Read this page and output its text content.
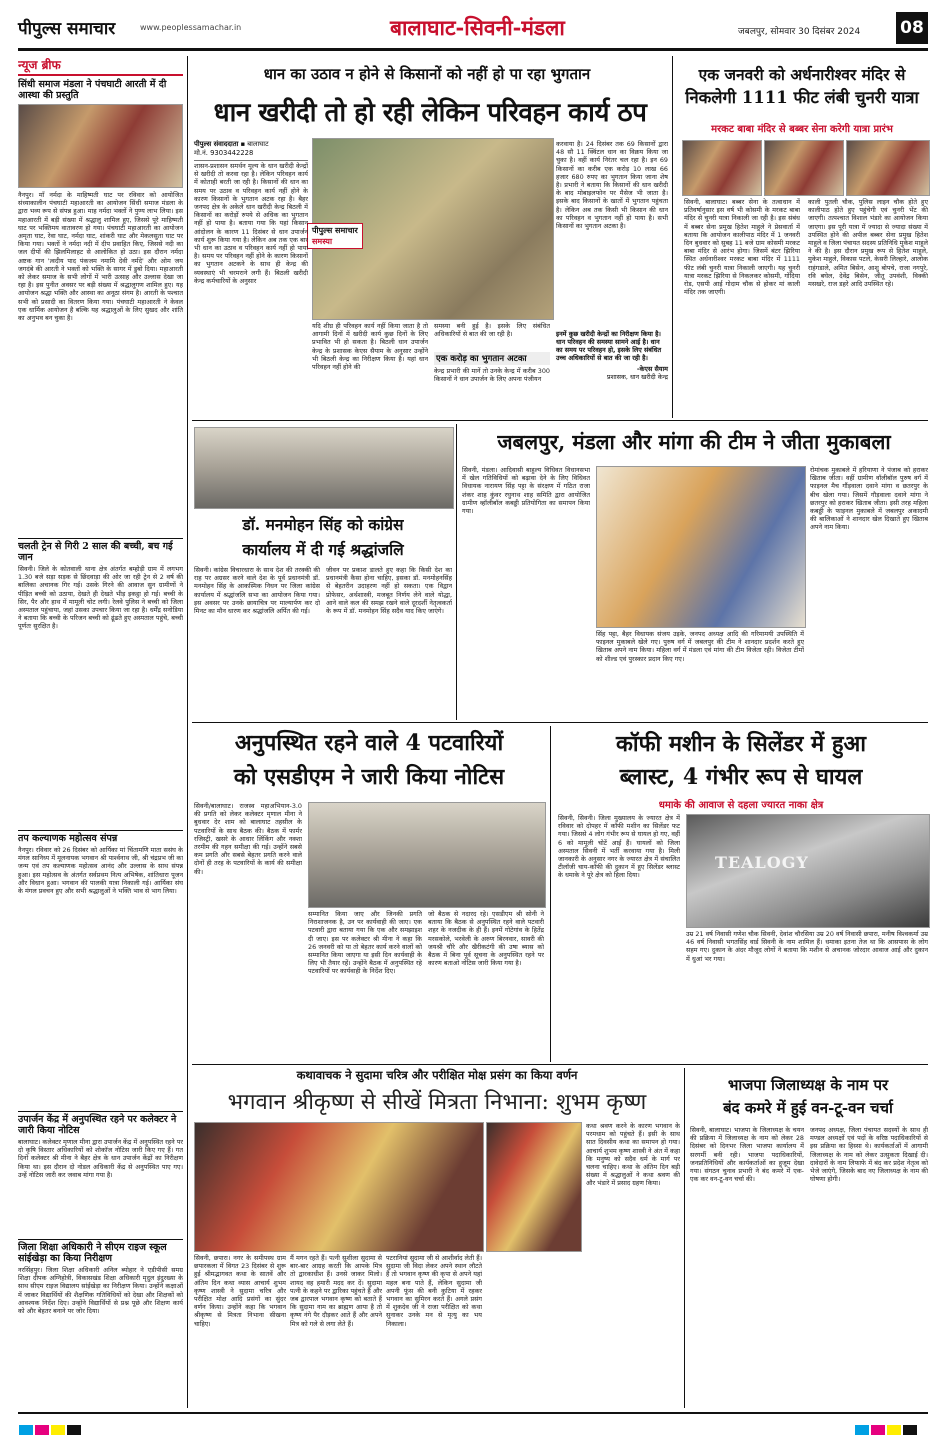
पीपुल्स समाचार	www.peoplessamachar.in	बालाघाट-सिवनी-मंडला	जबलपुर, सोमवार 30 दिसंबर 2024 08
न्यूज ब्रीफ
सिंधी समाज मंडला ने पंचघाटी आरती में दी आस्था की प्रस्तुति
नैनपुर। माँ नर्मदा के माहिष्मती घाट पर रविवार को आयोजित संध्याकालीन पंचघाटी महाआरती का आयोजन सिंधी समाज मंडला के द्वारा भव्य रूप से संपन्न हुआ। माह नर्मदा भक्तों ने पुण्य लाभ लिया। इस महाआरती में बड़ी संख्या में श्रद्धालु शामिल हुए, जिससे पूरे माहिष्मती घाट पर भक्तिमय वातावरण हो गया। पंचघाटी महाआरती का आयोजन अमृता घाट, रेवा घाट, नर्मदा घाट, शांकरी घाट और मेकलसुता घाट पर किया गया। भक्तों ने नर्मदा नदी में दीप प्रवाहित किए, जिससे नदी का जल दीपों की झिलमिलाहट से आलोकित हो उठा। इस दौरान नर्मदा अष्टक गान 'त्वदीय पाद पंकजम नमामि देवी नर्मदे' और ओम जय जगदंबे की आरती ने भक्तों को भक्ति के सागर में डुबो दिया। महाआरती को लेकर समाज के सभी लोगों में भारी उत्साह और उल्लास देखा जा रहा है। इस पुनीत अवसर पर बड़ी संख्या में श्रद्धालुगण शामिल हुए। यह आयोजन श्रद्धा भक्ति और आस्था का अनूठा संगम है। आरती के पश्चात सभी को प्रसादी का वितरण किया गया। पंचघाटी महाआरती ने केवल एक धार्मिक आयोजन है बल्कि यह श्रद्धालुओं के लिए सुखद और शांति का अनुभव बन चुका है।
चलती ट्रेन से गिरी 2 साल की बच्ची, बच गई जान
सिवनी। जिले के कोतवाली थाना क्षेत्र अंतर्गत बम्होड़ी ग्राम में लगभग 1.30 बजे सड़ा सड़क से छिंदवाड़ा की ओर जा रही ट्रेन से 2 वर्ष की बालिका अचानक गिर गई। उसके गिरने की आवाज सुन ग्रामीणों ने पीड़ित बच्ची को उठाया, देखते ही देखते भीड़ इकट्ठा हो गई। बच्ची के सिर, पैर और हाथ में मामूली चोट लगी। रेलवे पुलिस ने बच्ची को जिला अस्पताल पहुंचाया, जहां उसका उपचार किया जा रहा है। धर्मेंद्र सनोडिया ने बताया कि बच्ची के परिजन बच्ची को ढूंढते हुए अस्पताल पहुंचे, बच्ची पूर्णतः सुरक्षित है।
तप कल्याणक महोत्सव संपन्न
नैनपुर। रविवार को 26 दिसंबर को आर्यिका मां चिंतामणि माता ससंघ के मंगल सानिध्य में मूलनायक भगवान श्री पार्श्वनाथ जी, श्री चंद्रप्रभ जी का जन्म एवं तप कल्याणक महोत्सव आनंद और उल्लास के साथ संपन्न हुआ। इस महोत्सव के अंतर्गत सर्वप्रथम नित्य अभिषेक, शांतिधारा पूजन और विधान हुआ। भगवान की पालकी यात्रा निकाली गई। आर्यिका संघ के मंगल प्रवचन हुए और सभी श्रद्धालुओं ने भक्ति भाव से भाग लिया।
उपार्जन केंद्र में अनुपस्थित रहने पर कलेक्टर ने जारी किया नोटिस
बालाघाट। कलेक्टर मृणाल मीना द्वारा उपार्जन केंद्र में अनुपस्थित रहने पर दो कृषि विस्तार अधिकारियों को शोकॉज नोटिस जारी किए गए हैं। गत दिनों कलेक्टर श्री मीना ने बैहर क्षेत्र के धान उपार्जन केंद्रों का निरीक्षण किया था। इस दौरान दो नोडल अधिकारी केंद्र से अनुपस्थित पाए गए। उन्हें नोटिस जारी कर जवाब मांगा गया है।
जिला शिक्षा अधिकारी ने सीएम राइज स्कूल सांईखेड़ा का किया निरीक्षण
नरसिंहपुर। जिला शिक्षा अधिकारी अनिल ब्योहार ने एडीपीसी समग्र शिक्षा दीपक अग्निहोत्री, विकासखंड शिक्षा अधिकारी मृदुल इंदुरख्या के साथ सीएम राइज विद्यालय सांईखेड़ा का निरीक्षण किया। उन्होंने कक्षाओं में जाकर विद्यार्थियों की शैक्षणिक गतिविधियों को देखा और शिक्षकों को आवश्यक निर्देश दिए। उन्होंने विद्यार्थियों से प्रश्न पूछे और शिक्षण कार्य को और बेहतर बनाने पर जोर दिया।
धान का उठाव न होने से किसानों को नहीं हो पा रहा भुगतान
धान खरीदी तो हो रही लेकिन परिवहन कार्य ठप
पीपुल्स संवाददाता ▪ बालाघाट
मो.नं. 9303442228
पीपुल्स समाचार
समस्या
शासन-प्रशासन समर्थन मूल्य के धान खरीदी केन्द्रों से खरीदी तो करवा रहा है। लेकिन परिवहन कार्य में कोताही बरती जा रही है। किसानों की धान का समय पर उठाव व परिवहन कार्य नहीं होने के कारण किसानों के भुगतान अटक रहा है। बैहर जनपद क्षेत्र के अकेले धान खरीदी केन्द्र बिठली में किसानों का करोड़ों रुपये से अधिक का भुगतान नहीं हो पाया है। बताया गया कि यहां किसान आंदोलन के कारण 11 दिसंबर से धान उपार्जन कार्य शुरू किया गया है। लेकिन अब तक एक बार भी धान का उठाव व परिवहन कार्य नहीं हो पाया है। समय पर परिवहन नहीं होने के कारण किसानों का भुगतान अटकने के साथ ही केन्द्र की व्यवस्थाएं भी चरमराने लगी हैं। बिठली खरीदी केन्द्र कर्मचारियों के अनुसार
यदि शीघ्र ही परिवहन कार्य नहीं किया जाता है तो आगामी दिनों में खरीदी कार्य कुछ दिनों के लिए प्रभावित भी हो सकता है। बिठली धान उपार्जन केन्द्र के प्रशासक केएस सैयाम के अनुसार उन्होंने भी बिठली केन्द्र का निरीक्षण किया है। यहां धान परिवहन नहीं होने की
समस्या बनी हुई है। इसके लिए संबंधित अधिकारियों से बात की जा रही है।
एक करोड़ का भुगतान अटका
केन्द्र प्रभारी की मानें तो उनके केन्द्र में करीब 300 किसानों ने धान उपार्जन के लिए अपना पंजीयन
करवाया है। 24 दिसंबर तक 69 किसानों द्वारा 48 सौ 11 क्विंटल धान का विक्रय किया जा चुका है। वहीं कार्य निरंतर चल रहा है। इन 69 किसानों का करीब एक करोड़ 10 लाख 66 हजार 680 रुपए का भुगतान किया जाना शेष है। प्रभारी ने बताया कि किसानों की धान खरीदी के बाद मोबाइलफोन पर मैसेज भी जाता है। इसके बाद किसानों के खातों में भुगतान पहुंचता है। लेकिन अब तक किसी भी किसान की धान का परिवहन व भुगतान नहीं हो पाया है। सभी किसानों का भुगतान अटका है।
इनमें कुछ खरीदी केन्द्रों का निरीक्षण किया है। धान परिवहन की समस्या सामने आई है। धान का समय पर परिवहन हो, इसके लिए संबंधित उच्च अधिकारियों से बात की जा रही है।
-केएस सैयाम
प्रशासक, धान खरीदी केन्द्र
एक जनवरी को अर्धनारीश्वर मंदिर से
निकलेगी 1111 फीट लंबी चुनरी यात्रा
मरकट बाबा मंदिर से बब्बर सेना करेगी यात्रा प्रारंभ
सिवनी, बालाघाट। बब्बर सेना के तत्वाधान में प्रतिवर्षानुसार इस वर्ष भी कोसमी के मरकट बाबा मंदिर से चुनरी यात्रा निकाली जा रही है। इस संबंध में बब्बर सेना प्रमुख हितेश माहुले ने प्रेसवार्ता में बताया कि आयोजन कालीपाठ मंदिर में 1 जनवरी दिन बुधवार को सुबह 11 बजे ग्राम कोसमी मरकट बाबा मंदिर से आरंभ होगा। जिसमें बंटर झिरिया स्थित अर्धनारीश्वर मरकट बाबा मंदिर में 1111 फीट लंबी चुनरी यात्रा निकाली जाएगी। यह चुनरी यात्रा मरकट झिरिया से निकलकर कोसमी, गोंदिया रोड, एसपी आई गोदाम चौक से होकर मां काली मंदिर तक जाएगी।
काली पुतली चौक, पुलिस लाइन चौक होते हुए कालीपाठ होते हुए पहुंचेगी एवं चुनरी भेंट की जाएगी। तत्पश्चात विशाल भंडारे का आयोजन किया जाएगा। इस पूरी यात्रा में ज्यादा से ज्यादा संख्या में उपस्थित होने की अपील बब्बर सेना प्रमुख हितेश माहुले व जिला पंचायत सदस्य प्रतिनिधि मुकेश माहुले ने की है। इस दौरान प्रमुख रूप से हितेश माहुले, मुकेश माहुले, विकास पटले, केसरी लिल्हारे, आलोक राहंगडाले, अमित बिसेन, आशु बोपचे, राजा नगपुरे, रवि बघेल, देवेंद्र बिसेन, जीतू उपवंशी, विक्की मसखरे, राज डहरे आदि उपस्थित रहे।
डॉ. मनमोहन सिंह को कांग्रेस
कार्यालय में दी गई श्रद्धांजलि
सिवनी। कांग्रेस विचारधारा के साथ देश की तरक्की की राह पर अग्रसर करने वाले देश के पूर्व प्रधानमंत्री डॉ. मनमोहन सिंह के आकस्मिक निधन पर जिला कांग्रेस कार्यालय में श्रद्धांजलि सभा का आयोजन किया गया। इस अवसर पर उनके छायाचित्र पर माल्यार्पण कर दो मिनट का मौन धारण कर श्रद्धांजलि अर्पित की गई।
जीवन पर प्रकाश डालते हुए कहा कि किसी देश का प्रधानमंत्री कैसा होना चाहिए, इसका डॉ. मनमोहनसिंह से बेहतरीन उदाहरण नहीं हो सकता। एक विद्वान प्रोफेसर, अर्थशास्त्री, मजबूत निर्णय लेने वाले योद्धा, आने वाले कल की समझ रखने वाले दूरदर्शी नेतृत्वकर्ता के रूप में डॉ. मनमोहन सिंह सदैव याद किए जाएंगे।
जबलपुर, मंडला और मांगा की टीम ने जीता मुकाबला
सिवनी, मंडला। आदिवासी बाहुल्य विधिवत विधानसभा में खेल गतिविधियों को बढ़ावा देने के लिए विधिवत विधायक नारायण सिंह पट्टा के संरक्षण में गठित राजा शंकर शाह कुंवर रघुनाथ शाह समिति द्वारा आयोजित ग्रामीण व्हॉलीबॉल कबड्डी प्रतियोगिता का समापन किया गया।
सिंह पट्टा, बैहर विधायक संजय उइके, जनपद अध्यक्ष आदि की गरिमामयी उपस्थिति में फाइनल मुकाबले खेले गए। पुरुष वर्ग में जबलपुर की टीम ने शानदार प्रदर्शन करते हुए खिताब अपने नाम किया। महिला वर्ग में मंडला एवं मांगा की टीम विजेता रही। विजेता टीमों को शील्ड एवं पुरस्कार प्रदान किए गए।
रोमांचक मुकाबले में हरियाणा ने पंजाब को हराकर खिताब जीता। वहीं ग्रामीण वॉलीबॉल पुरुष वर्ग में फाइनल मैच गौंड़वाला दवाने मांगा व छतरपुर के बीच खेला गया। जिसमें गौड़वाला दवाने मांगा ने छतरपुर को हराकर खिताब जीता। इसी तरह महिला कबड्डी के फाइनल मुकाबले में जबलपुर अकादमी की बालिकाओं ने शानदार खेल दिखाते हुए खिताब अपने नाम किया।
अनुपस्थित रहने वाले 4 पटवारियों
को एसडीएम ने जारी किया नोटिस
सिवनी/बालाघाट। राजस्व महाअभियान-3.0 की प्रगति को लेकर कलेक्टर मृणाल मीना ने बुधवार देर शाम को बालाघाट तहसील के पटवारियों के साथ बैठक की। बैठक में फार्मर रजिस्ट्री, खसरे के आधार लिंकिंग और नक्शा तरमीम की गहन समीक्षा की गई। उन्होंने सबसे कम प्रगति और सबसे बेहतर प्रगति करने वाले दोनों ही तरह के पटवारियों के कार्य की समीक्षा की।
सम्मानित किया जाए और जिनकी प्रगति निराशाजनक है, उन पर कार्यवाही की जाए। एक पटवारी द्वारा बताया गया कि एक और समझाइश दी जाए। इस पर कलेक्टर श्री मीना ने कहा कि 26 जनवरी को या तो बेहतर कार्य करने वालों को सम्मानित किया जाएगा या इसी दिन कार्यवाही के लिए भी तैयार रहें। उन्होंने बैठक में अनुपस्थित रहे पटवारियों पर कार्यवाही के निर्देश दिए।
जो बैठक से नदारद रहे। एसडीएम श्री सोनी ने बताया कि बैठक से अनुपस्थित रहने वाले पटवारी शहर के नजदीक के ही हैं। इनमें गोटेगांव के हितेंद्र मरसकोले, भरवेली के अरुण बिरनवार, सावरी की जयश्री चौरे और खैरीकटंगी की उषा ब्यास को बैठक में बिना पूर्व सूचना के अनुपस्थित रहने पर कारण बताओ नोटिस जारी किया गया है।
कॉफी मशीन के सिलेंडर में हुआ
ब्लास्ट, 4 गंभीर रूप से घायल
धमाके की आवाज से दहला ज्यारत नाका क्षेत्र
सिवनी, सिवनी। जिला मुख्यालय के ज्यारत क्षेत्र में रविवार को दोपहर में कॉफी मशीन का सिलेंडर फट गया। जिससे 4 लोग गंभीर रूप से घायल हो गए, वहीं 6 को मामूली चोटें आई हैं। घायलों को जिला अस्पताल सिवनी में भर्ती करवाया गया है। मिली जानकारी के अनुसार नगर के ज्यारत क्षेत्र में संचालित टीलॉजी चाय-कॉफी की दुकान में हुए सिलेंडर ब्लास्ट के धमाके ने पूरे क्षेत्र को हिला दिया।
TEALOGY
उम्र 21 वर्ष निवासी गणेश चौक सिवनी, देवांश चौरसिया उम्र 20 वर्ष निवासी छपारा, मनीष विश्वकर्मा उम्र 46 वर्ष निवासी भगतसिंह वार्ड सिवनी के नाम शामिल हैं। धमाका इतना तेज था कि आसपास के लोग सहम गए। दुकान के अंदर मौजूद लोगों ने बताया कि मशीन से अचानक जोरदार आवाज आई और दुकान में धुआं भर गया।
कथावाचक ने सुदामा चरित्र और परीक्षित मोक्ष प्रसंग का किया वर्णन
भगवान श्रीकृष्ण से सीखें मित्रता निभाना: शुभम कृष्ण
सिवनी, छपारा। नगर के समीपस्थ ग्राम छपारकला में विगत 23 दिसंबर से शुरू हुई श्रीमद्भागवत कथा के सातवें और अंतिम दिन कथा व्यास आचार्य शुभम कृष्ण शास्त्री ने सुदामा चरित्र और परीक्षित मोक्ष आदि प्रसंगों का सुंदर वर्णन किया। उन्होंने कहा कि भगवान श्रीकृष्ण से मित्रता निभाना सीखना चाहिए।
मैं मगन रहते हैं। पत्नी सुशीला सुदामा से बार-बार आग्रह करती कि आपके मित्र तो द्वारकाधीश हैं। उनसे जाकर मिलो। शायद वह हमारी मदद कर दें। सुदामा पत्नी के कहने पर द्वारिका पहुंचते हैं और जब द्वारपाल भगवान कृष्ण को बताते हैं कि सुदामा नाम का ब्राह्मण आया है तो कृष्ण नंगे पैर दौड़कर आते हैं और अपने मित्र को गले से लगा लेते हैं।
पटरानियां सुदामा जी से आशीर्वाद लेती हैं। सुदामा जी विदा लेकर अपने स्थान लौटते हैं तो भगवान कृष्ण की कृपा से अपने यहां महल बना पाते हैं, लेकिन सुदामा जी अपनी फूंस की बनी कुटिया में रहकर भगवान का सुमिरन करते हैं। अगले प्रसंग में शुकदेव जी ने राजा परीक्षित को कथा सुनाकर उनके मन से मृत्यु का भय निकाला।
कथा श्रवण करने के कारण भगवान के परमधाम को पहुंचते हैं। इसी के साथ सात दिवसीय कथा का समापन हो गया। आचार्य शुभम कृष्ण शास्त्री ने अंत में कहा कि मनुष्य को सदैव धर्म के मार्ग पर चलना चाहिए। कथा के अंतिम दिन बड़ी संख्या में श्रद्धालुओं ने कथा श्रवण की और भंडारे में प्रसाद ग्रहण किया।
भाजपा जिलाध्यक्ष के नाम पर
बंद कमरे में हुई वन-टू-वन चर्चा
सिवनी, बालाघाट। भाजपा के जिलाध्यक्ष के चयन की प्रक्रिया में जिलाध्यक्ष के नाम को लेकर 28 दिसंबर को दिनभर जिला भाजपा कार्यालय में सरगर्मी बनी रही। भाजपा पदाधिकारियों, जनप्रतिनिधियों और कार्यकर्ताओं का हुजूम देखा गया। संगठन चुनाव प्रभारी ने बंद कमरे में एक-एक कर वन-टू-वन चर्चा की।
जनपद अध्यक्ष, जिला पंचायत सदस्यों के साथ ही मण्डल अध्यक्षों एवं पदों के वरिष्ठ पदाधिकारियों से इस प्रक्रिया का हिस्सा थे। कार्यकर्ताओं में आगामी जिलाध्यक्ष के नाम को लेकर उत्सुकता दिखाई दी। दावेदारों के नाम लिफाफे में बंद कर प्रदेश नेतृत्व को भेजे जाएंगे, जिसके बाद नए जिलाध्यक्ष के नाम की घोषणा होगी।
